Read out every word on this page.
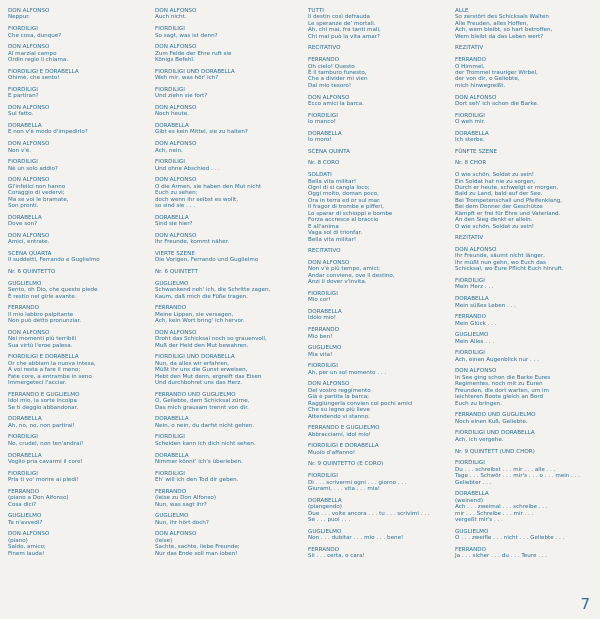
DON ALFONSO
Neppur.
FIORDILIGI
Che cosa, dunque?
DON ALFONSO
Al marzial campo
Ordin regio li chiama.
FIORDILIGI E DORABELLA
Ohimè, che sento!
FIORDILIGI
E partiran?
DON ALFONSO
Sul fatto.
DORABELLA
E non v'è modo d'impedirlo?
DON ALFONSO
Non v'è.
FIORDILIGI
Nè un solo addio?
DON ALFONSO
Gl'infelici non hanno
Coraggio di vedervi;
Ma se voi le bramate,
Son pronti.
DORABELLA
Dove son?
DON ALFONSO
Amici, entrate.
SCENA QUARTA
Il suddetti, Ferrando e Guglielmo
Nr. 6 QUINTETTO
GUGLIELMO
Sento, oh Dio, che questo piede
È restio nel girle avante.
FERRANDO
Il mio labbro palpitante
Non può detto pronunziar.
DON ALFONSO
Nei momenti più terribili
Sua virtù l'eroe palesa.
FIORDILIGI E DORABELLA
Or che abbiam la nuova intesa,
A voi resta a fare il meno;
Fate core, a entrambe in seno
Immergeteci l'acciar.
FERRANDO E GUGLIELMO
Idol mio, la sorte incolpa
Se ti deggio abbandonar.
DORABELLA
Ah, no, no, non partirai!
FIORDILIGI
No, crudel, non ten'andrai!
DORABELLA
Voglio pria cavarmi il core!
FIORDILIGI
Pria ti vo' morire ai piedi!
FERRANDO
(piano a Don Alfonso)
Cosa dici?
GUGLIELMO
Te n'avvedi?
DON ALFONSO
(piano)
Saldo, amico;
Finem lauda!
DON ALFONSO
Auch nicht.
FIORDILIGI
So sagt, was ist denn?
DON ALFONSO
Zum Felde der Ehre ruft sie
Königs Befehl.
FIORDILIGI UND DORABELLA
Weh mir, was hör' ich?
FIORDILIGI
Und ziehn sie fort?
DON ALFONSO
Noch heute.
DORABELLA
Gibt es kein Mittel, sie zu halten?
DON ALFONSO
Ach, nein.
FIORDILIGI
Und ohne Abschied . . .
DON ALFONSO
O die Armen, sie haben den Mut nicht
Euch zu sehen;
doch wenn ihr selbst es wollt,
so sind sie . . .
DORABELLA
Sind sie hier?
DON ALFONSO
Ihr Freunde, kommt näher.
VIERTE SZENE
Die Vorigen, Ferrando und Guglielmo
Nr. 6 QUINTETT
GUGLIELMO
Schwankend noh' ich, die Schritte zagen,
Kaum, daß mich die Füße tragen.
FERRANDO
Meine Lippen, sie versagen,
Ach, kein Wort bring' ich hervor.
DON ALFONSO
Droht das Schicksal noch so grauenvoll,
Muß der Held den Mut bewahren.
FIORDILIGI UND DORABELLA
Nun, da alles wir erfahren,
Müßt ihr uns die Gunst erweisen,
Hebt den Mut denn, ergreift das Eisen
Und durchbohret uns das Herz.
FERRANDO UND GUGLIELMO
O, Geliebte, dem Schicksal zürne,
Das mich grausam trennt von dir.
DORABELLA
Nein, o nein, du darfst nicht gehen.
FIORDILIGI
Scheiden kann ich dich nicht sehen.
DORABELLA
Nimmer könnt' ich's überleben.
FIORDILIGI
Eh' will ich den Tod dir geben.
FERRANDO
(leise zu Don Alfonso)
Nun, was sagt ihr?
GUGLIELMO
Nun, ihr hört doch?
DON ALFONSO
(leise)
Sachte, sachte, liebe Freunde;
Nur das Ende soll man loben!
TUTTI
Il destin così defrauda
Le speranze de' mortali.
Ah, chi mai, fra tanti mali,
Chi mai può la vita amar?
RECITATIVO
FERRANDO
Oh cielo! Questo
È il tamburo funesto,
Che a divider mi vien
Dal mio tesoro!
DON ALFONSO
Ecco amici la barca.
FIORDILIGI
Io manco!
DORABELLA
Io moro!
SCENA QUINTA
Nr. 8 CORO
SOLDATI
Bella vita militar!
Ogni di si cangia loco;
Oggi molto, doman poco,
Ora in terra ed or sul mar.
Il fragor di trombe e pifferi,
Lo sparar di schioppi e bombe
Forza accresce al braccio
E all'anima
Vaga sol di trionfar.
Bella vita militar!
RECITATIVO
DON ALFONSO
Non v'è più tempo, amici;
Andar conviene, ove il destino,
Anzi il dover v'invita.
FIORDILIGI
Mio cor!
DORABELLA
Idolo mio!
FERRANDO
Mio ben!
GUGLIELMO
Mia vita!
FIORDILIGI
Ah, per un sol momento . . .
DON ALFONSO
Del vostro reggimento
Già è partita la barca;
Raggiungerla convien coi pochi amici
Che su legno più lieve
Attendendo vi stanno.
FERRANDO E GUGLIELMO
Abbracciami, idol mio!
FIORDILIGI E DORABELLA
Muoio d'affanno!
Nr. 9 QUINTETTO (E CORO)
FIORDILIGI
Di . . . scrivermi ogni . . . giorno . . .
Giurami, . . . vita . . . mia!
DORABELLA
(piangendo)
Due . . . volte ancora . . . tu . . . scrivimi . . .
Se . . . puoi . . .
GUGLIELMO
Non . . . dubitar . . . mio . . . bene!
FERRANDO
Sii . . . certa, o cara!
ALLE
So zerstört des Schicksals Walten
Alle Freuden, alles Hoffen,
Ach, wem bleibt, so hart betroffen,
Wem bleibt da das Leben wert?
REZITATIV
FERRANDO
O Himmel,
der Trommel trauriger Wirbel,
der von dir, o Geliebte,
mich hinwegreißt.
DON ALFONSO
Dort seh' ich schon die Barke.
FIORDILIGI
O weh mir.
DORABELLA
Ich sterbe.
FÜNFTE SZENE
Nr. 8 CHOR
O wie schön, Soldat zu sein!
Ein Soldat hat nie zu sorgen,
Durch er heute, schwelgt er morgen,
Bald zu Land, bald auf der See.
Bei Trompetenschall und Pfeifenklang,
Bei dem Donner der Geschütze
Kämpft er frei für Ehre und Vaterland.
An den Sieg denkt er allein.
O wie schön, Soldat zu sein!
REZITATIV
DON ALFONSO
Ihr Freunde, säumt nicht länger,
Ihr müßt nun gehn, wo Euch das
Schicksal, wo Eure Pflicht Euch hinruft.
FIORDILIGI
Mein Herz . . .
DORABELLA
Mein süßes Leben . . .
FERRANDO
Mein Glück . . .
GUGLIELMO
Mein Alles . . .
FIORDILIGI
Ach, einen Augenblick nur . . .
DON ALFONSO
In See ging schon die Barke Eures
Regimentes, noch mit zu Euren
Freunden, die dort warten, um im
leichteren Boote gleich an Bord
Euch zu bringen.
FERRANDO UND GUGLIELMO
Noch einen Kuß, Geliebte.
FIORDILIGI UND DORABELLA
Ach, ich vergehe.
Nr. 9 QUINTETT (UND CHOR)
FIORDILIGI
Du . . . schreibst . . . mir . . . alle . . .
Tage . . . Schwör . . . mir's . . . o . . . mein . . .
Geliebter . . .
DORABELLA
(weinend)
Ach . . . zweimal . . . schreibe . . .
mir . . . Schreibe . . . mir . . .
vergeßt mir's . . .
GUGLIELMO
O . . . zweifle . . . nicht . . . Geliebte . . .
FERRANDO
Ja . . . sicher . . . du . . . Teure . . .
7
